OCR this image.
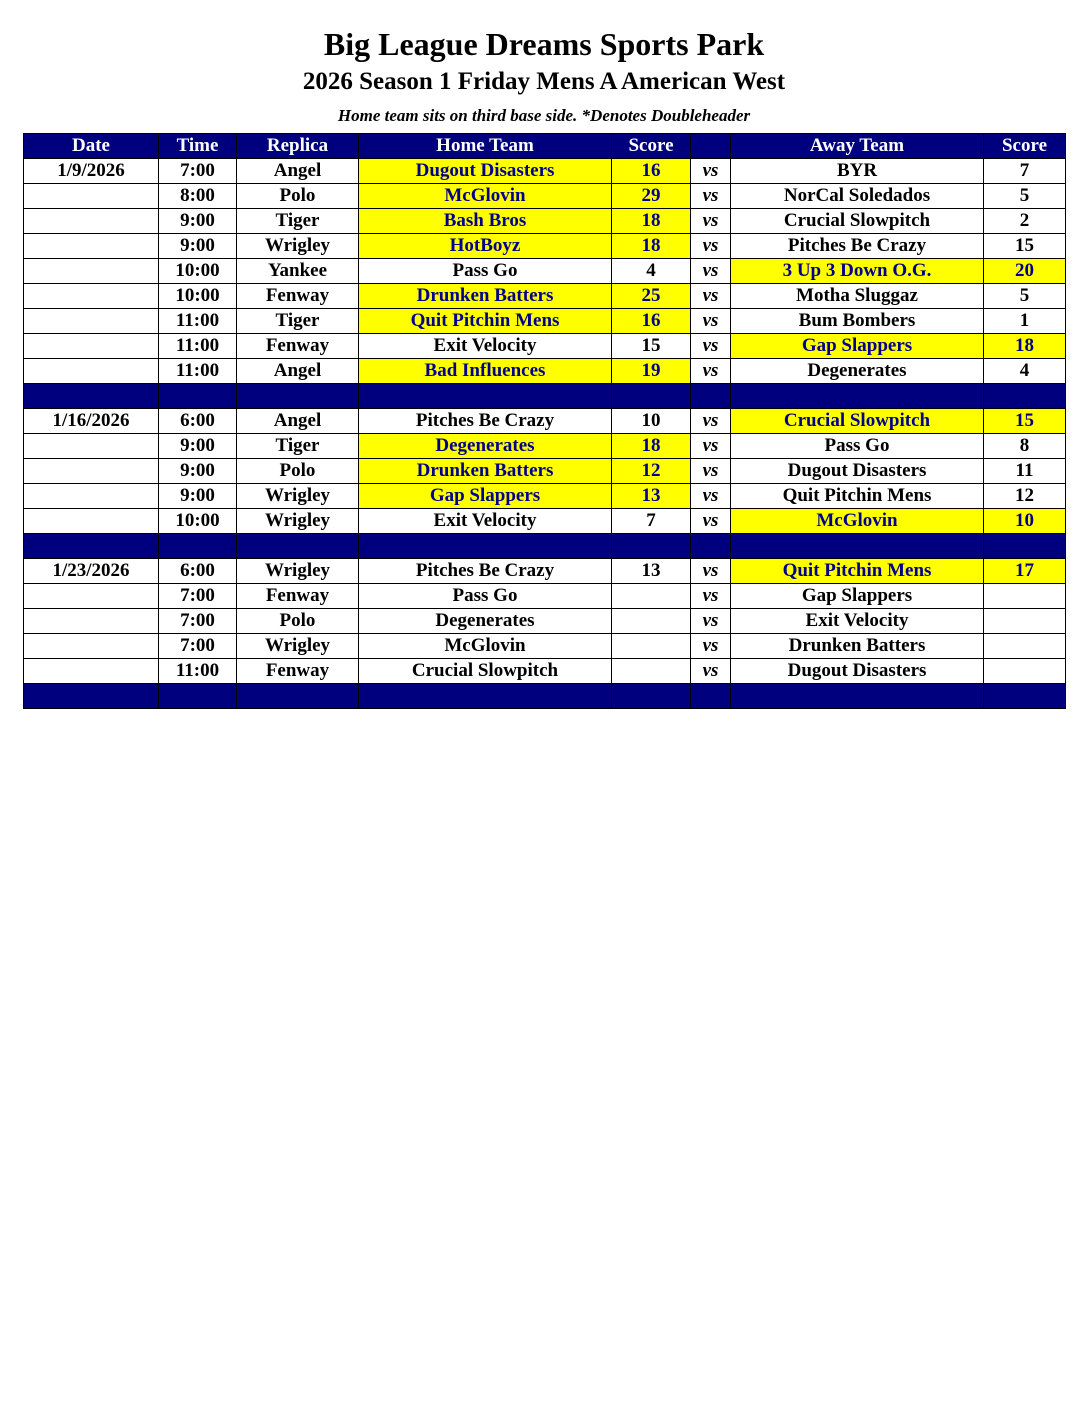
Big League Dreams Sports Park
2026 Season 1 Friday Mens A American West
Home team sits on third base side. *Denotes Doubleheader
Date	Time	Replica	Home Team	Score		Away Team	Score
1/9/2026	7:00	Angel	Dugout Disasters	16	vs	BYR	7
	8:00	Polo	McGlovin	29	vs	NorCal Soledados	5
	9:00	Tiger	Bash Bros	18	vs	Crucial Slowpitch	2
	9:00	Wrigley	HotBoyz	18	vs	Pitches Be Crazy	15
	10:00	Yankee	Pass Go	4	vs	3 Up 3 Down O.G.	20
	10:00	Fenway	Drunken Batters	25	vs	Motha Sluggaz	5
	11:00	Tiger	Quit Pitchin Mens	16	vs	Bum Bombers	1
	11:00	Fenway	Exit Velocity	15	vs	Gap Slappers	18
	11:00	Angel	Bad Influences	19	vs	Degenerates	4

1/16/2026	6:00	Angel	Pitches Be Crazy	10	vs	Crucial Slowpitch	15
	9:00	Tiger	Degenerates	18	vs	Pass Go	8
	9:00	Polo	Drunken Batters	12	vs	Dugout Disasters	11
	9:00	Wrigley	Gap Slappers	13	vs	Quit Pitchin Mens	12
	10:00	Wrigley	Exit Velocity	7	vs	McGlovin	10

1/23/2026	6:00	Wrigley	Pitches Be Crazy	13	vs	Quit Pitchin Mens	17
	7:00	Fenway	Pass Go		vs	Gap Slappers	
	7:00	Polo	Degenerates		vs	Exit Velocity	
	7:00	Wrigley	McGlovin		vs	Drunken Batters	
	11:00	Fenway	Crucial Slowpitch		vs	Dugout Disasters	
